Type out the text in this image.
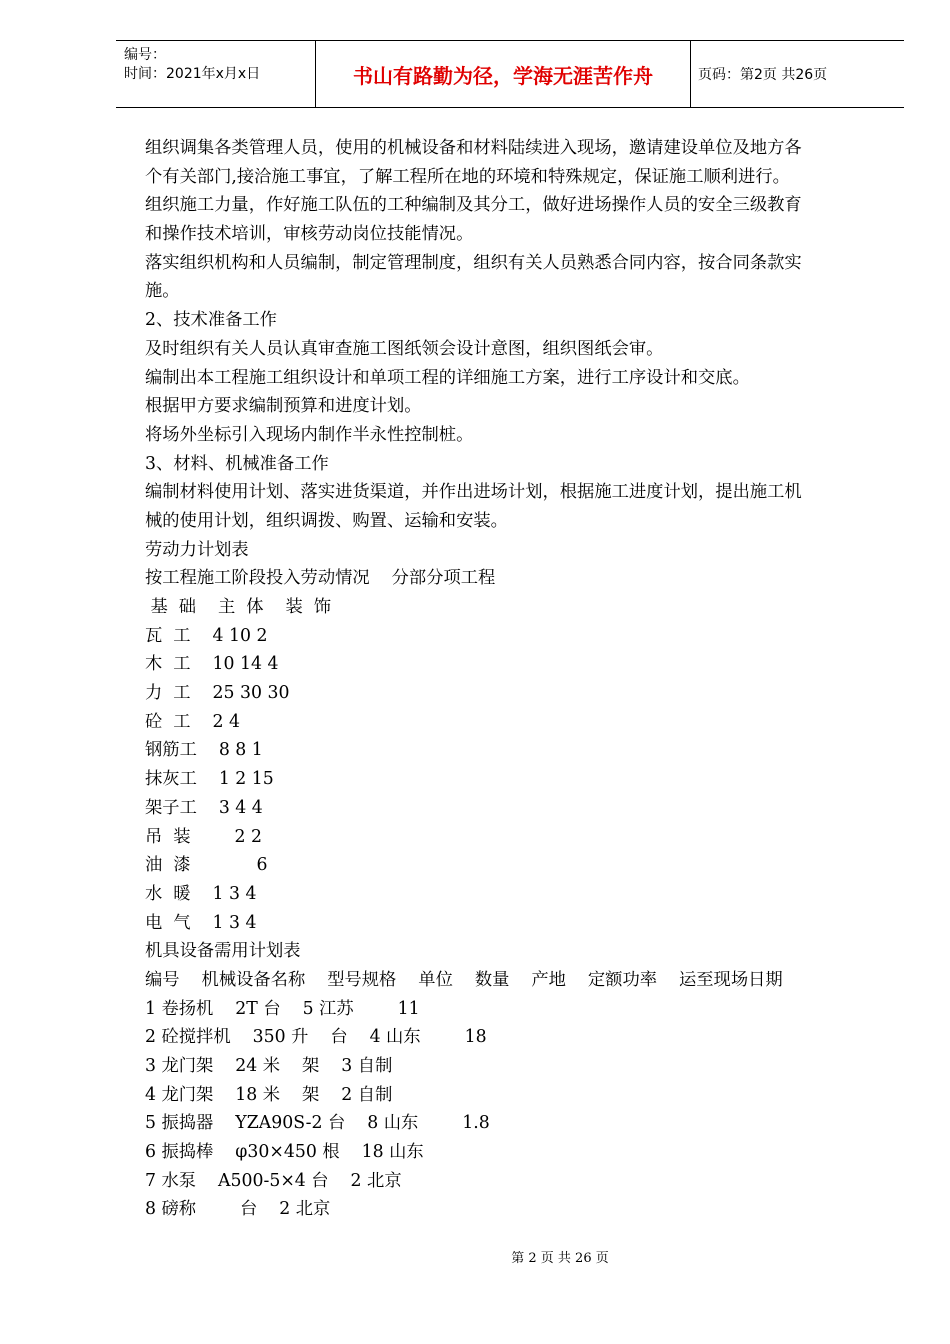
编号：
时间：2021年x月x日	书山有路勤为径，学海无涯苦作舟	页码：第2页 共26页
组织调集各类管理人员，使用的机械设备和材料陆续进入现场，邀请建设单位及地方各
个有关部门,接洽施工事宜，了解工程所在地的环境和特殊规定，保证施工顺利进行。
组织施工力量，作好施工队伍的工种编制及其分工，做好进场操作人员的安全三级教育
和操作技术培训，审核劳动岗位技能情况。
落实组织机构和人员编制，制定管理制度，组织有关人员熟悉合同内容，按合同条款实
施。
2、技术准备工作
及时组织有关人员认真审查施工图纸领会设计意图，组织图纸会审。
编制出本工程施工组织设计和单项工程的详细施工方案，进行工序设计和交底。
根据甲方要求编制预算和进度计划。
将场外坐标引入现场内制作半永性控制桩。
3、材料、机械准备工作
编制材料使用计划、落实进货渠道，并作出进场计划，根据施工进度计划，提出施工机
械的使用计划，组织调拨、购置、运输和安装。
劳动力计划表
按工程施工阶段投入劳动情况    分部分项工程
基  础    主  体    装  饰
瓦  工    4 10 2
木  工    10 14 4
力  工    25 30 30
砼  工    2 4
钢筋工    8 8 1
抹灰工    1 2 15
架子工    3 4 4
吊  装        2 2
油  漆            6
水  暖    1 3 4
电  气    1 3 4
机具设备需用计划表
编号    机械设备名称    型号规格    单位    数量    产地    定额功率    运至现场日期
1 卷扬机    2T 台    5 江苏        11
2 砼搅拌机    350 升    台    4 山东        18
3 龙门架    24 米    架    3 自制
4 龙门架    18 米    架    2 自制
5 振捣器    YZA90S-2 台    8 山东        1.8
6 振捣棒    φ30×450 根    18 山东
7 水泵    A500-5×4 台    2 北京
8 磅称        台    2 北京
第 2 页 共 26 页
